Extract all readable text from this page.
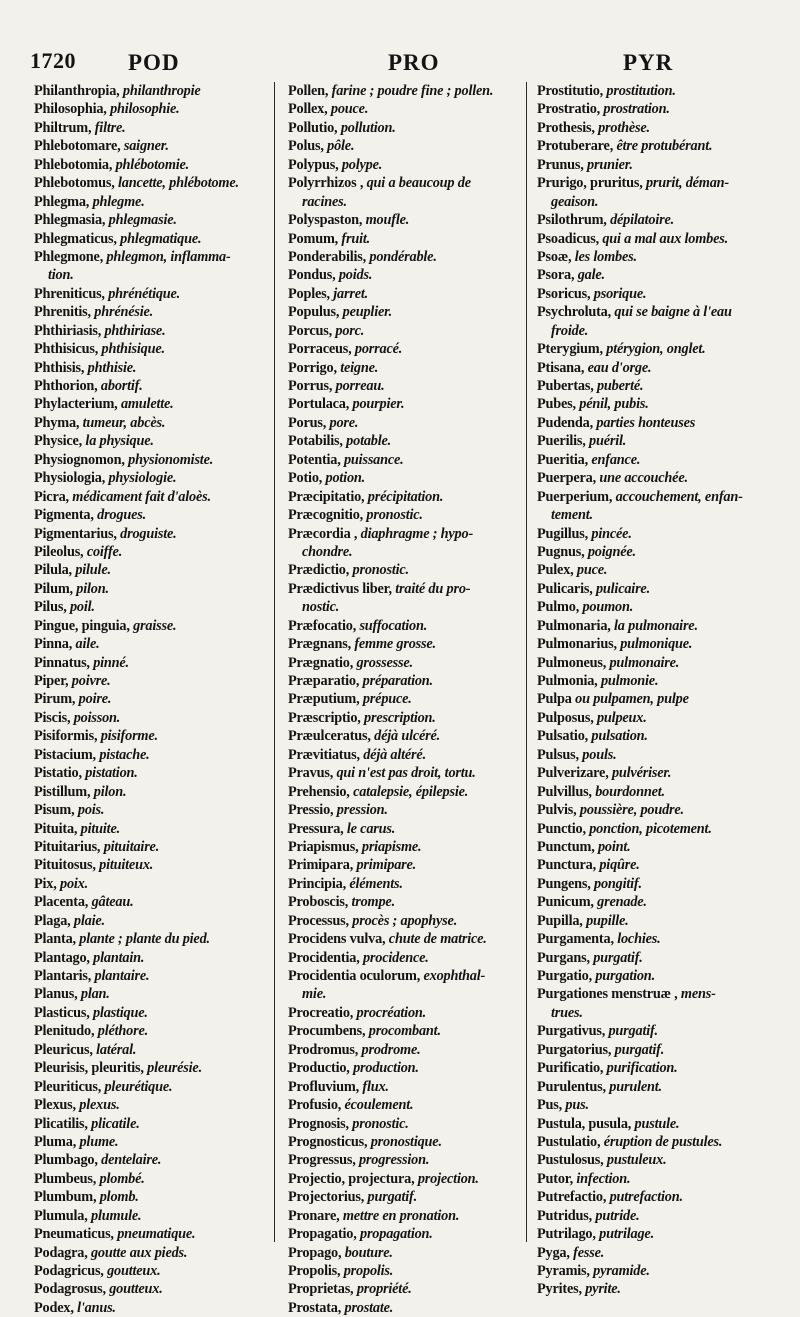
1720 POD	PRO	PYR
Philanthropia, philanthropie
Philosophia, philosophie.
Philtrum, filtre.
Phlebotomare, saigner.
Phlebotomia, phlébotomie.
Phlebotomus, lancette, phlébotome.
Phlegma, phlegme.
Phlegmasia, phlegmasie.
Phlegmaticus, phlegmatique.
Phlegmone, phlegmon, inflamma-
tion.
Phreniticus, phrénétique.
Phrenitis, phrénésie.
Phthiriasis, phthiriase.
Phthisicus, phthisique.
Phthisis, phthisie.
Phthorion, abortif.
Phylacterium, amulette.
Phyma, tumeur, abcès.
Physice, la physique.
Physiognomon, physionomiste.
Physiologia, physiologie.
Picra, médicament fait d'aloès.
Pigmenta, drogues.
Pigmentarius, droguiste.
Pileolus, coiffe.
Pilula, pilule.
Pilum, pilon.
Pilus, poil.
Pingue, pinguia, graisse.
Pinna, aile.
Pinnatus, pinné.
Piper, poivre.
Pirum, poire.
Piscis, poisson.
Pisiformis, pisiforme.
Pistacium, pistache.
Pistatio, pistation.
Pistillum, pilon.
Pisum, pois.
Pituita, pituite.
Pituitarius, pituitaire.
Pituitosus, pituiteux.
Pix, poix.
Placenta, gâteau.
Plaga, plaie.
Planta, plante ; plante du pied.
Plantago, plantain.
Plantaris, plantaire.
Planus, plan.
Plasticus, plastique.
Plenitudo, pléthore.
Pleuricus, latéral.
Pleurisis, pleuritis, pleurésie.
Pleuriticus, pleurétique.
Plexus, plexus.
Plicatilis, plicatile.
Pluma, plume.
Plumbago, dentelaire.
Plumbeus, plombé.
Plumbum, plomb.
Plumula, plumule.
Pneumaticus, pneumatique.
Podagra, goutte aux pieds.
Podagricus, goutteux.
Podagrosus, goutteux.
Podex, l'anus.
Pollen, farine ; poudre fine ; pollen.
Pollex, pouce.
Pollutio, pollution.
Polus, pôle.
Polypus, polype.
Polyrrhizos , qui a beaucoup de
racines.
Polyspaston, moufle.
Pomum, fruit.
Ponderabilis, pondérable.
Pondus, poids.
Poples, jarret.
Populus, peuplier.
Porcus, porc.
Porraceus, porracé.
Porrigo, teigne.
Porrus, porreau.
Portulaca, pourpier.
Porus, pore.
Potabilis, potable.
Potentia, puissance.
Potio, potion.
Præcipitatio, précipitation.
Præcognitio, pronostic.
Præcordia , diaphragme ; hypo-
chondre.
Prædictio, pronostic.
Prædictivus liber, traité du pro-
nostic.
Præfocatio, suffocation.
Prægnans, femme grosse.
Prægnatio, grossesse.
Præparatio, préparation.
Præputium, prépuce.
Præscriptio, prescription.
Præulceratus, déjà ulcéré.
Prævitiatus, déjà altéré.
Pravus, qui n'est pas droit, tortu.
Prehensio, catalepsie, épilepsie.
Pressio, pression.
Pressura, le carus.
Priapismus, priapisme.
Primipara, primipare.
Principia, éléments.
Proboscis, trompe.
Processus, procès ; apophyse.
Procidens vulva, chute de matrice.
Procidentia, procidence.
Procidentia oculorum, exophthal-
mie.
Procreatio, procréation.
Procumbens, procombant.
Prodromus, prodrome.
Productio, production.
Profluvium, flux.
Profusio, écoulement.
Prognosis, pronostic.
Prognosticus, pronostique.
Progressus, progression.
Projectio, projectura, projection.
Projectorius, purgatif.
Pronare, mettre en pronation.
Propagatio, propagation.
Propago, bouture.
Propolis, propolis.
Proprietas, propriété.
Prostata, prostate.
Prostitutio, prostitution.
Prostratio, prostration.
Prothesis, prothèse.
Protuberare, être protubérant.
Prunus, prunier.
Prurigo, pruritus, prurit, déman-
geaison.
Psilothrum, dépilatoire.
Psoadicus, qui a mal aux lombes.
Psoæ, les lombes.
Psora, gale.
Psoricus, psorique.
Psychroluta, qui se baigne à l'eau
froide.
Pterygium, ptérygion, onglet.
Ptisana, eau d'orge.
Pubertas, puberté.
Pubes, pénil, pubis.
Pudenda, parties honteuses
Puerilis, puéril.
Pueritia, enfance.
Puerpera, une accouchée.
Puerperium, accouchement, enfan-
tement.
Pugillus, pincée.
Pugnus, poignée.
Pulex, puce.
Pulicaris, pulicaire.
Pulmo, poumon.
Pulmonaria, la pulmonaire.
Pulmonarius, pulmonique.
Pulmoneus, pulmonaire.
Pulmonia, pulmonie.
Pulpa ou pulpamen, pulpe
Pulposus, pulpeux.
Pulsatio, pulsation.
Pulsus, pouls.
Pulverizare, pulvériser.
Pulvillus, bourdonnet.
Pulvis, poussière, poudre.
Punctio, ponction, picotement.
Punctum, point.
Punctura, piqûre.
Pungens, pongitif.
Punicum, grenade.
Pupilla, pupille.
Purgamenta, lochies.
Purgans, purgatif.
Purgatio, purgation.
Purgationes menstruæ , mens-
trues.
Purgativus, purgatif.
Purgatorius, purgatif.
Purificatio, purification.
Purulentus, purulent.
Pus, pus.
Pustula, pusula, pustule.
Pustulatio, éruption de pustules.
Pustulosus, pustuleux.
Putor, infection.
Putrefactio, putrefaction.
Putridus, putride.
Putrilago, putrilage.
Pyga, fesse.
Pyramis, pyramide.
Pyrites, pyrite.
